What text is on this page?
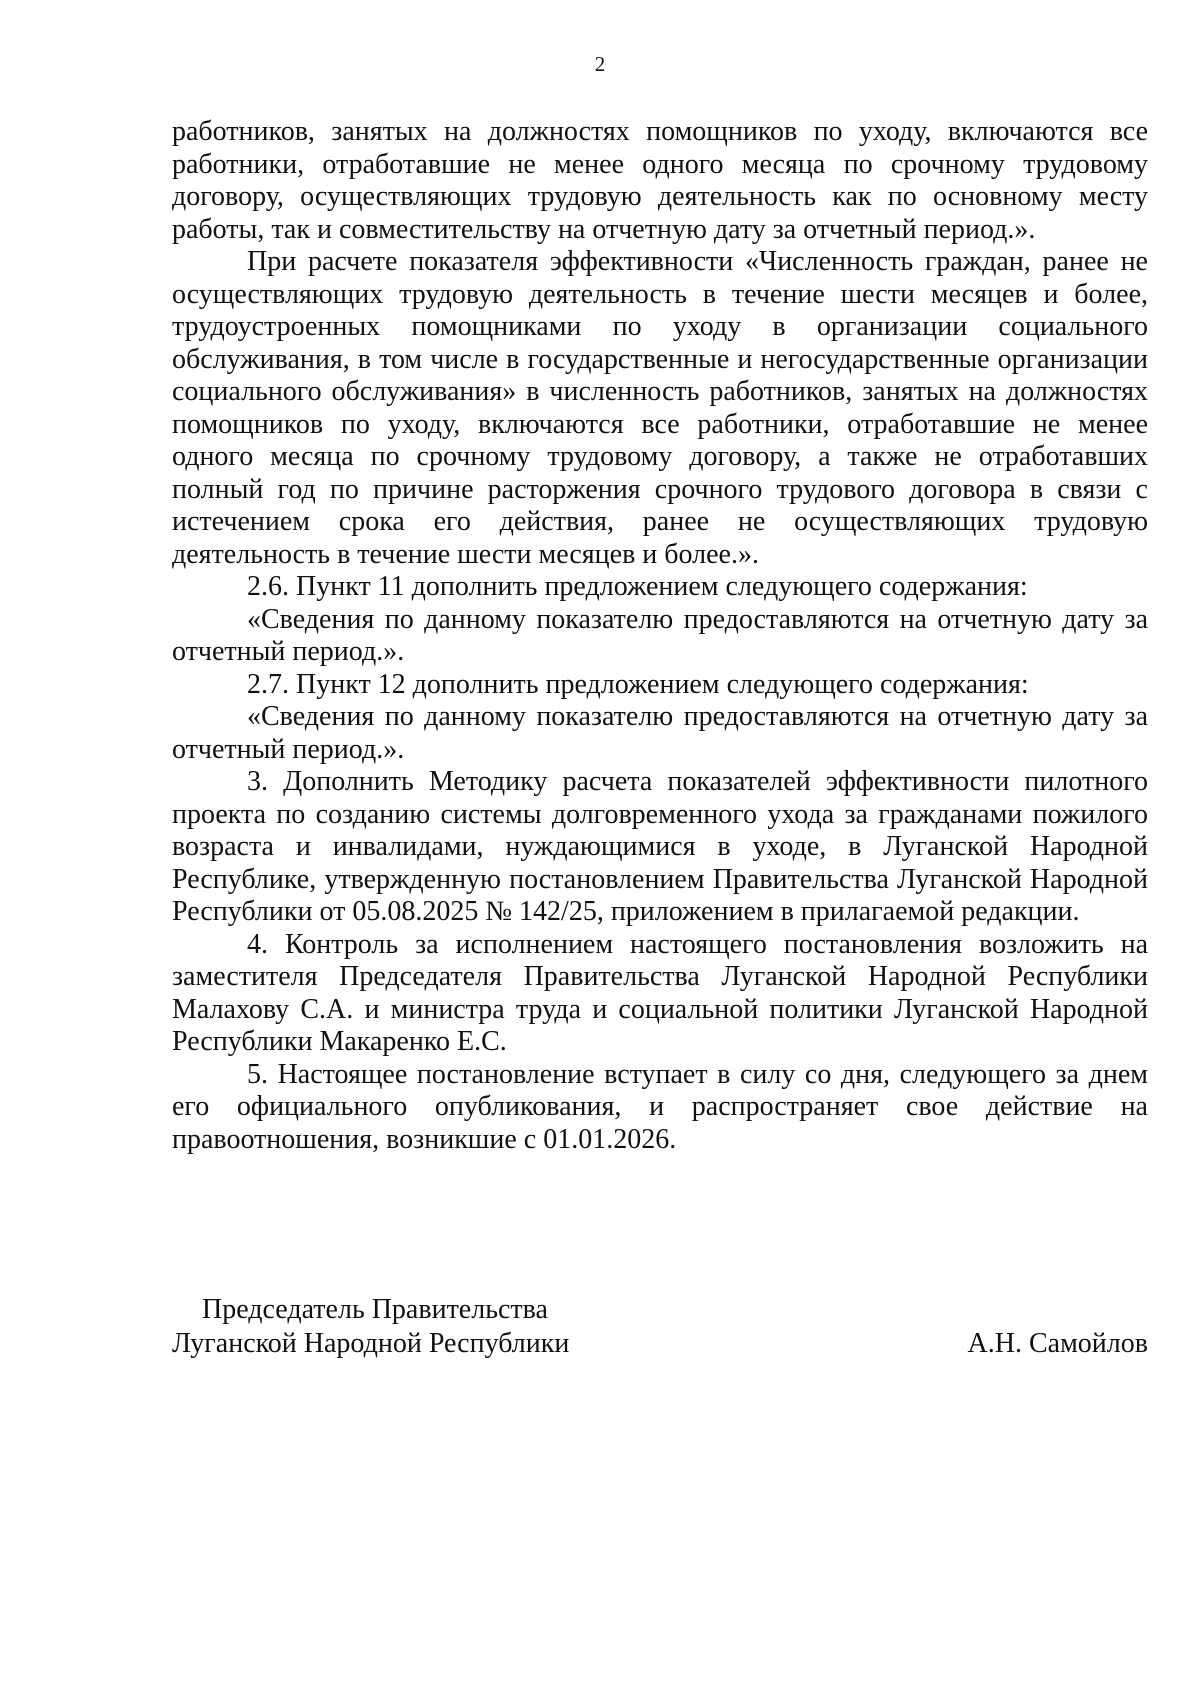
2

работников, занятых на должностях помощников по уходу, включаются все работники, отработавшие не менее одного месяца по срочному трудовому договору, осуществляющих трудовую деятельность как по основному месту работы, так и совместительству на отчетную дату за отчетный период.».

При расчете показателя эффективности «Численность граждан, ранее не осуществляющих трудовую деятельность в течение шести месяцев и более, трудоустроенных помощниками по уходу в организации социального обслуживания, в том числе в государственные и негосударственные организации социального обслуживания» в численность работников, занятых на должностях помощников по уходу, включаются все работники, отработавшие не менее одного месяца по срочному трудовому договору, а также не отработавших полный год по причине расторжения срочного трудового договора в связи с истечением срока его действия, ранее не осуществляющих трудовую деятельность в течение шести месяцев и более.».

2.6. Пункт 11 дополнить предложением следующего содержания:

«Сведения по данному показателю предоставляются на отчетную дату за отчетный период.».

2.7. Пункт 12 дополнить предложением следующего содержания:

«Сведения по данному показателю предоставляются на отчетную дату за отчетный период.».

3. Дополнить Методику расчета показателей эффективности пилотного проекта по созданию системы долговременного ухода за гражданами пожилого возраста и инвалидами, нуждающимися в уходе, в Луганской Народной Республике, утвержденную постановлением Правительства Луганской Народной Республики от 05.08.2025 № 142/25, приложением в прилагаемой редакции.

4. Контроль за исполнением настоящего постановления возложить на заместителя Председателя Правительства Луганской Народной Республики Малахову С.А. и министра труда и социальной политики Луганской Народной Республики Макаренко Е.С.

5. Настоящее постановление вступает в силу со дня, следующего за днем его официального опубликования, и распространяет свое действие на правоотношения, возникшие с 01.01.2026.

Председатель Правительства
Луганской Народной Республики	А.Н. Самойлов
